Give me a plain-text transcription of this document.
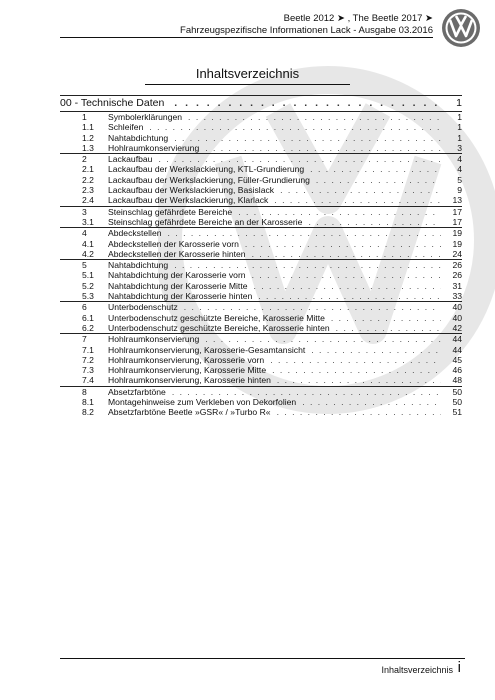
Beetle 2012 ➤ , The Beetle 2017 ➤
Fahrzeugspezifische Informationen Lack - Ausgabe 03.2016
Inhaltsverzeichnis
00 - Technische Daten . . .	1
1	Symbolerklärungen . . .	1
1.1	Schleifen . . .	1
1.2	Nahtabdichtung . . .	1
1.3	Hohlraumkonservierung . . .	3
2	Lackaufbau . . .	4
2.1	Lackaufbau der Werkslackierung, KTL-Grundierung . . .	4
2.2	Lackaufbau der Werkslackierung, Füller-Grundierung . . .	5
2.3	Lackaufbau der Werkslackierung, Basislack . . .	9
2.4	Lackaufbau der Werkslackierung, Klarlack . . .	13
3	Steinschlag gefährdete Bereiche . . .	17
3.1	Steinschlag gefährdete Bereiche an der Karosserie . . .	17
4	Abdeckstellen . . .	19
4.1	Abdeckstellen der Karosserie vorn . . .	19
4.2	Abdeckstellen der Karosserie hinten . . .	24
5	Nahtabdichtung . . .	26
5.1	Nahtabdichtung der Karosserie vorn . . .	26
5.2	Nahtabdichtung der Karosserie Mitte . . .	31
5.3	Nahtabdichtung der Karosserie hinten . . .	33
6	Unterbodenschutz . . .	40
6.1	Unterbodenschutz geschützte Bereiche, Karosserie Mitte . . .	40
6.2	Unterbodenschutz geschützte Bereiche, Karosserie hinten . . .	42
7	Hohlraumkonservierung . . .	44
7.1	Hohlraumkonservierung, Karosserie-Gesamtansicht . . .	44
7.2	Hohlraumkonservierung, Karosserie vorn . . .	45
7.3	Hohlraumkonservierung, Karosserie Mitte . . .	46
7.4	Hohlraumkonservierung, Karosserie hinten . . .	48
8	Absetzfarbtöne . . .	50
8.1	Montagehinweise zum Verkleben von Dekorfolien . . .	50
8.2	Absetzfarbtöne Beetle »GSR« / »Turbo R« . . .	51
Inhaltsverzeichnis i
